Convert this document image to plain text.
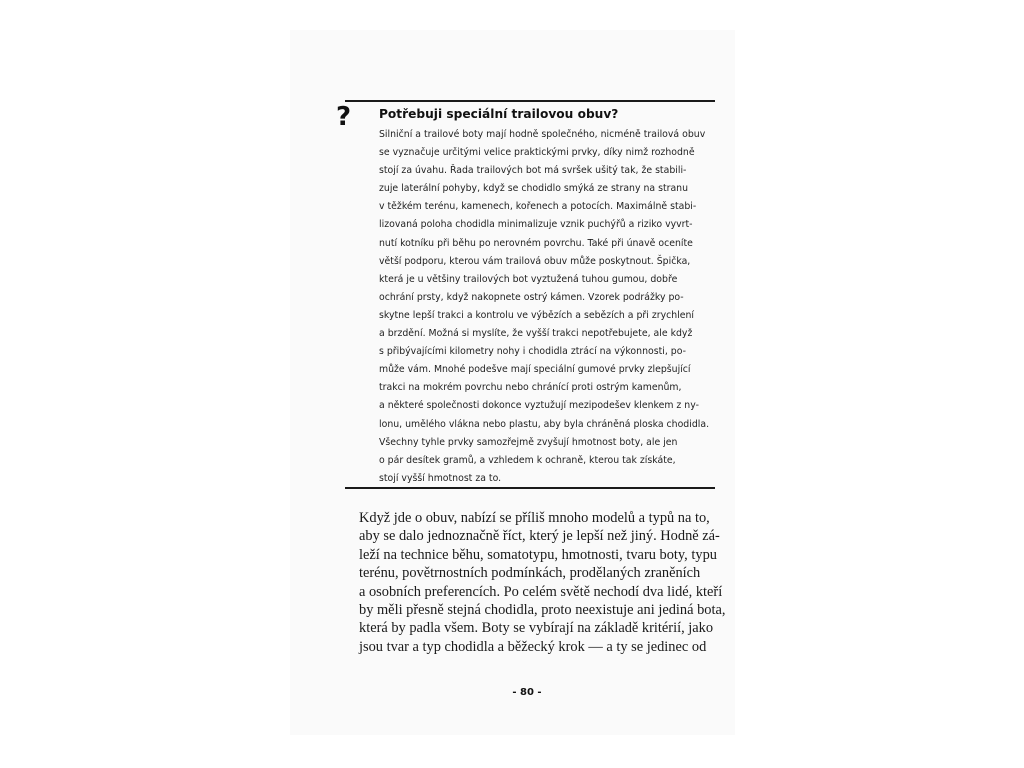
? Potřebuji speciální trailovou obuv?
Silniční a trailové boty mají hodně společného, nicméně trailová obuv
se vyznačuje určitými velice praktickými prvky, díky nimž rozhodně
stojí za úvahu. Řada trailových bot má svršek ušitý tak, že stabili-
zuje laterální pohyby, když se chodidlo smýká ze strany na stranu
v těžkém terénu, kamenech, kořenech a potocích. Maximálně stabi-
lizovaná poloha chodidla minimalizuje vznik puchýřů a riziko vyvrt-
nutí kotníku při běhu po nerovném povrchu. Také při únavě oceníte
větší podporu, kterou vám trailová obuv může poskytnout. Špička,
která je u většiny trailových bot vyztužená tuhou gumou, dobře
ochrání prsty, když nakopnete ostrý kámen. Vzorek podrážky po-
skytne lepší trakci a kontrolu ve výbězích a sebězích a při zrychlení
a brzdění. Možná si myslíte, že vyšší trakci nepotřebujete, ale když
s přibývajícími kilometry nohy i chodidla ztrácí na výkonnosti, po-
může vám. Mnohé podešve mají speciální gumové prvky zlepšující
trakci na mokrém povrchu nebo chránící proti ostrým kamenům,
a některé společnosti dokonce vyztužují mezipodešev klenkem z ny-
lonu, umělého vlákna nebo plastu, aby byla chráněná ploska chodidla.
Všechny tyhle prvky samozřejmě zvyšují hmotnost boty, ale jen
o pár desítek gramů, a vzhledem k ochraně, kterou tak získáte,
stojí vyšší hmotnost za to.
Když jde o obuv, nabízí se příliš mnoho modelů a typů na to,
aby se dalo jednoznačně říct, který je lepší než jiný. Hodně zá-
leží na technice běhu, somatotypu, hmotnosti, tvaru boty, typu
terénu, povětrnostních podmínkách, prodělaných zraněních
a osobních preferencích. Po celém světě nechodí dva lidé, kteří
by měli přesně stejná chodidla, proto neexistuje ani jediná bota,
která by padla všem. Boty se vybírají na základě kritérií, jako
jsou tvar a typ chodidla a běžecký krok — a ty se jedinec od
- 80 -
